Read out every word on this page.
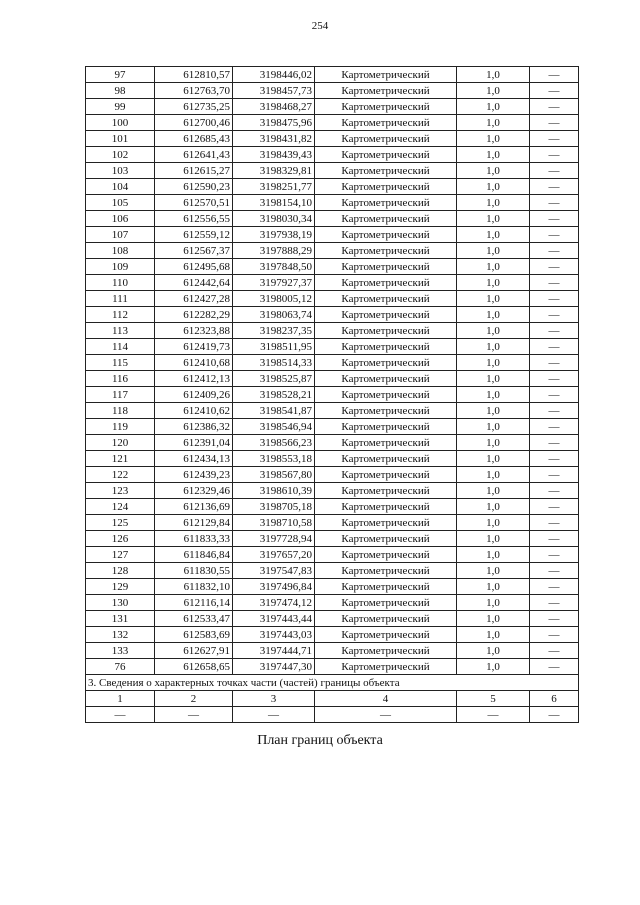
254
97	612810,57	3198446,02	Картометрический	1,0	—
98	612763,70	3198457,73	Картометрический	1,0	—
99	612735,25	3198468,27	Картометрический	1,0	—
100	612700,46	3198475,96	Картометрический	1,0	—
101	612685,43	3198431,82	Картометрический	1,0	—
102	612641,43	3198439,43	Картометрический	1,0	—
103	612615,27	3198329,81	Картометрический	1,0	—
104	612590,23	3198251,77	Картометрический	1,0	—
105	612570,51	3198154,10	Картометрический	1,0	—
106	612556,55	3198030,34	Картометрический	1,0	—
107	612559,12	3197938,19	Картометрический	1,0	—
108	612567,37	3197888,29	Картометрический	1,0	—
109	612495,68	3197848,50	Картометрический	1,0	—
110	612442,64	3197927,37	Картометрический	1,0	—
111	612427,28	3198005,12	Картометрический	1,0	—
112	612282,29	3198063,74	Картометрический	1,0	—
113	612323,88	3198237,35	Картометрический	1,0	—
114	612419,73	3198511,95	Картометрический	1,0	—
115	612410,68	3198514,33	Картометрический	1,0	—
116	612412,13	3198525,87	Картометрический	1,0	—
117	612409,26	3198528,21	Картометрический	1,0	—
118	612410,62	3198541,87	Картометрический	1,0	—
119	612386,32	3198546,94	Картометрический	1,0	—
120	612391,04	3198566,23	Картометрический	1,0	—
121	612434,13	3198553,18	Картометрический	1,0	—
122	612439,23	3198567,80	Картометрический	1,0	—
123	612329,46	3198610,39	Картометрический	1,0	—
124	612136,69	3198705,18	Картометрический	1,0	—
125	612129,84	3198710,58	Картометрический	1,0	—
126	611833,33	3197728,94	Картометрический	1,0	—
127	611846,84	3197657,20	Картометрический	1,0	—
128	611830,55	3197547,83	Картометрический	1,0	—
129	611832,10	3197496,84	Картометрический	1,0	—
130	612116,14	3197474,12	Картометрический	1,0	—
131	612533,47	3197443,44	Картометрический	1,0	—
132	612583,69	3197443,03	Картометрический	1,0	—
133	612627,91	3197444,71	Картометрический	1,0	—
76	612658,65	3197447,30	Картометрический	1,0	—
3. Сведения о характерных точках части (частей) границы объекта					
1	2	3	4	5	6
—	—	—	—	—	—
План границ объекта
